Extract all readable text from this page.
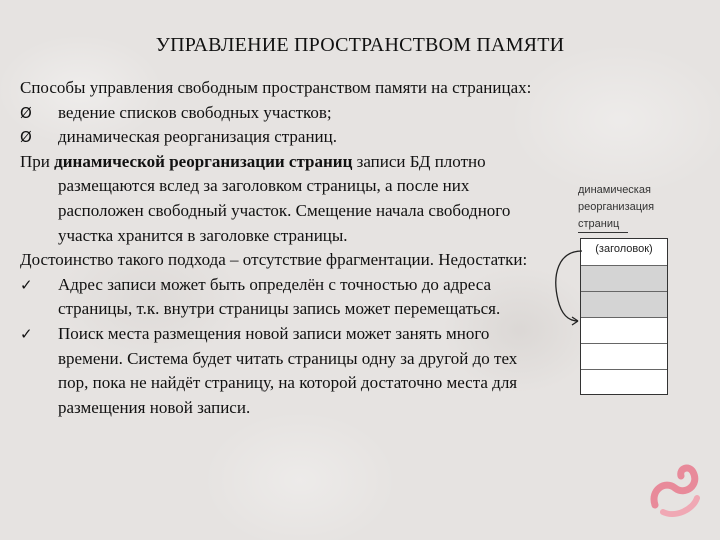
УПРАВЛЕНИЕ ПРОСТРАНСТВОМ ПАМЯТИ

Способы управления свободным пространством памяти на страницах:

Ø	ведение списков свободных участков;

Ø	динамическая реорганизация страниц.

При динамической реорганизации страниц записи БД плотно размещаются вслед за заголовком страницы, а после них расположен свободный участок. Смещение начала свободного участка хранится в заголовке страницы.

Достоинство такого подхода – отсутствие фрагментации. Недостатки:

✓	Адрес записи может быть определён с точностью до адреса страницы, т.к. внутри страницы запись может перемещаться.

✓	Поиск места размещения новой записи может занять много времени. Система будет читать страницы одну за другой до тех пор, пока не найдёт страницу, на которой достаточно места для размещения новой записи.

динамическая реорганизация страниц
(заголовок)
